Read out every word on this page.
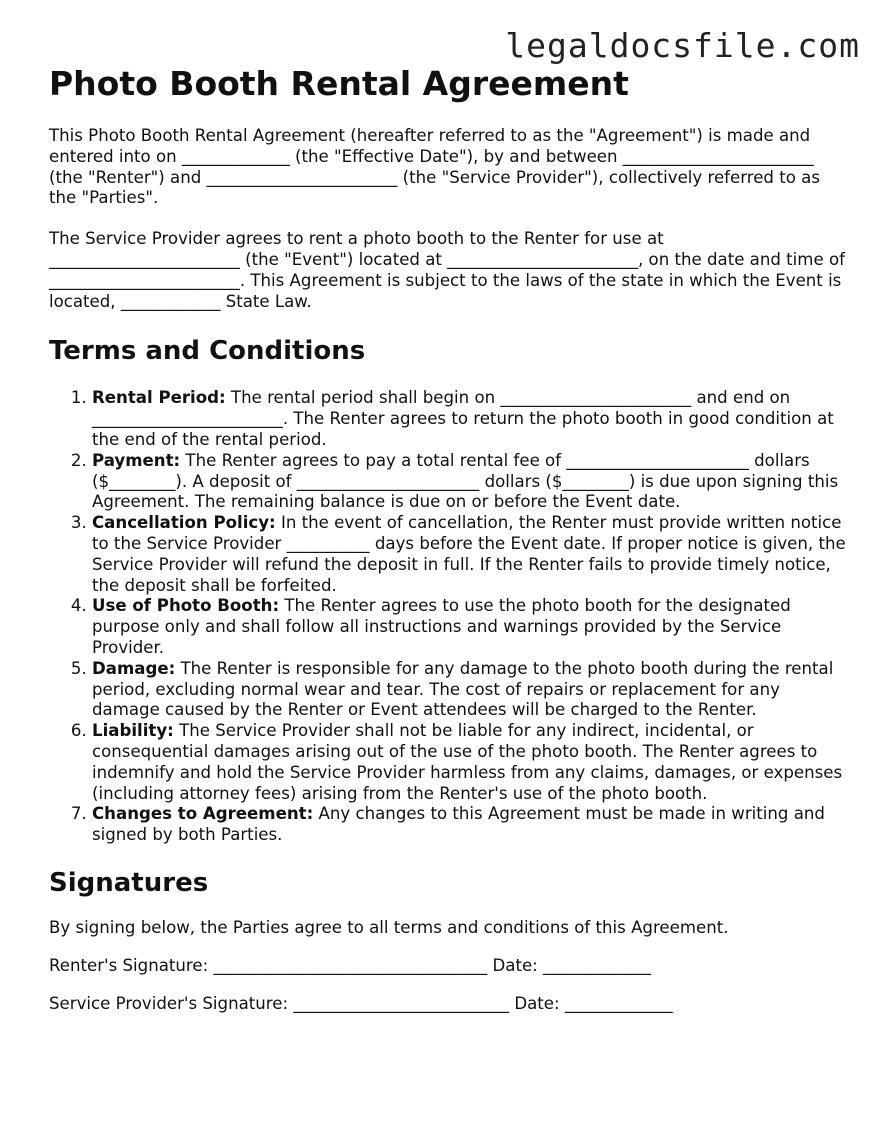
legaldocsfile.com
Photo Booth Rental Agreement

This Photo Booth Rental Agreement (hereafter referred to as the "Agreement") is made and entered into on _____________ (the "Effective Date"), by and between _______________________ (the "Renter") and _______________________ (the "Service Provider"), collectively referred to as the "Parties".

The Service Provider agrees to rent a photo booth to the Renter for use at _______________________ (the "Event") located at _______________________, on the date and time of _______________________. This Agreement is subject to the laws of the state in which the Event is located, ____________ State Law.

Terms and Conditions
1. Rental Period: The rental period shall begin on _______________________ and end on _______________________. The Renter agrees to return the photo booth in good condition at the end of the rental period.
2. Payment: The Renter agrees to pay a total rental fee of ______________________ dollars ($________). A deposit of ______________________ dollars ($________) is due upon signing this Agreement. The remaining balance is due on or before the Event date.
3. Cancellation Policy: In the event of cancellation, the Renter must provide written notice to the Service Provider __________ days before the Event date. If proper notice is given, the Service Provider will refund the deposit in full. If the Renter fails to provide timely notice, the deposit shall be forfeited.
4. Use of Photo Booth: The Renter agrees to use the photo booth for the designated purpose only and shall follow all instructions and warnings provided by the Service Provider.
5. Damage: The Renter is responsible for any damage to the photo booth during the rental period, excluding normal wear and tear. The cost of repairs or replacement for any damage caused by the Renter or Event attendees will be charged to the Renter.
6. Liability: The Service Provider shall not be liable for any indirect, incidental, or consequential damages arising out of the use of the photo booth. The Renter agrees to indemnify and hold the Service Provider harmless from any claims, damages, or expenses (including attorney fees) arising from the Renter's use of the photo booth.
7. Changes to Agreement: Any changes to this Agreement must be made in writing and signed by both Parties.
Signatures

By signing below, the Parties agree to all terms and conditions of this Agreement.

Renter's Signature: _________________________________ Date: _____________

Service Provider's Signature: __________________________ Date: _____________
